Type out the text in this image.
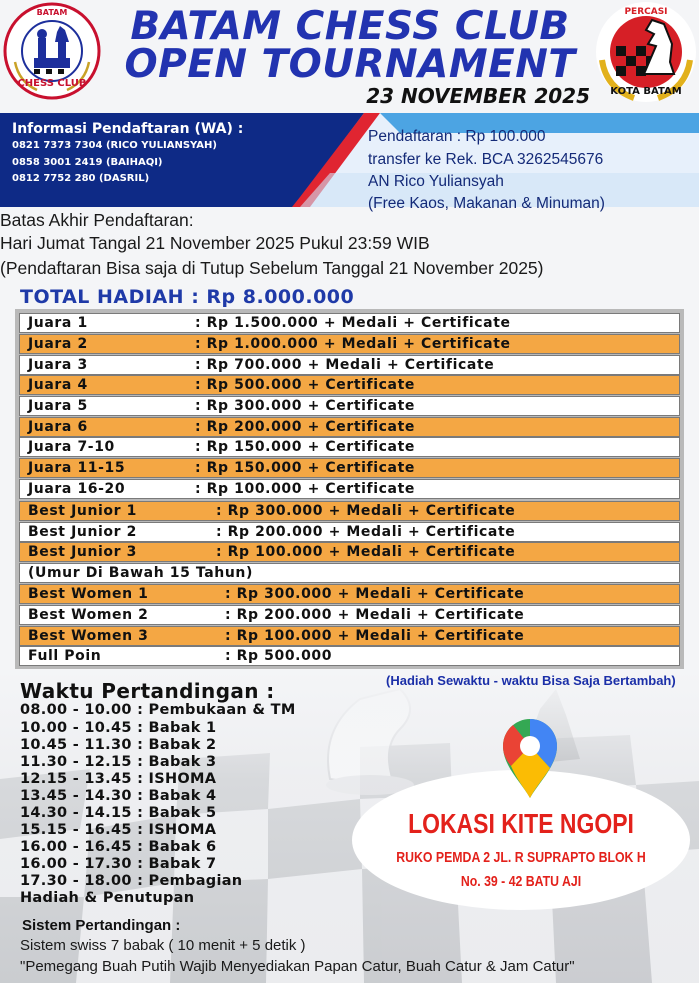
CHESS CLUB
BATAM	BATAM CHESS CLUB
OPEN TOURNAMENT
23 NOVEMBER 2025
PERCASI
KOTA BATAM
Informasi Pendaftaran (WA) :
0821 7373 7304 (RICO YULIANSYAH)
0858 3001 2419 (BAIHAQI)
0812 7752 280 (DASRIL)
Pendaftaran : Rp 100.000
transfer ke Rek. BCA 3262545676
AN Rico Yuliansyah
(Free Kaos, Makanan & Minuman)
Batas Akhir Pendaftaran:
Hari Jumat Tangal 21 November 2025 Pukul 23:59 WIB
(Pendaftaran Bisa saja di Tutup Sebelum Tanggal 21 November 2025)
TOTAL HADIAH : Rp 8.000.000
Juara 1	: Rp 1.500.000 + Medali + Certificate
Juara 2	: Rp 1.000.000 + Medali + Certificate
Juara 3	: Rp 700.000 + Medali + Certificate
Juara 4	: Rp 500.000 + Certificate
Juara 5	: Rp 300.000 + Certificate
Juara 6	: Rp 200.000 + Certificate
Juara 7-10	: Rp 150.000 + Certificate
Juara 11-15	: Rp 150.000 + Certificate
Juara 16-20	: Rp 100.000 + Certificate
Best Junior 1	: Rp 300.000 + Medali + Certificate
Best Junior 2	: Rp 200.000 + Medali + Certificate
Best Junior 3	: Rp 100.000 + Medali + Certificate
(Umur Di Bawah 15 Tahun)
Best Women 1	: Rp 300.000 + Medali + Certificate
Best Women 2	: Rp 200.000 + Medali + Certificate
Best Women 3	: Rp 100.000 + Medali + Certificate
Full Poin	: Rp 500.000
(Hadiah Sewaktu - waktu Bisa Saja Bertambah)
Waktu Pertandingan :
08.00 - 10.00 : Pembukaan & TM
10.00 - 10.45 : Babak 1
10.45 - 11.30 : Babak 2
11.30 - 12.15 : Babak 3
12.15 - 13.45 : ISHOMA
13.45 - 14.30 : Babak 4
14.30 - 14.15 : Babak 5
15.15 - 16.45 : ISHOMA
16.00 - 16.45 : Babak 6
16.00 - 17.30 : Babak 7
17.30 - 18.00 : Pembagian
Hadiah & Penutupan
LOKASI KITE NGOPI
RUKO PEMDA 2 JL. R SUPRAPTO BLOK H
No. 39 - 42 BATU AJI
Sistem Pertandingan :
Sistem swiss 7 babak ( 10 menit + 5 detik )
"Pemegang Buah Putih Wajib Menyediakan Papan Catur, Buah Catur & Jam Catur"
